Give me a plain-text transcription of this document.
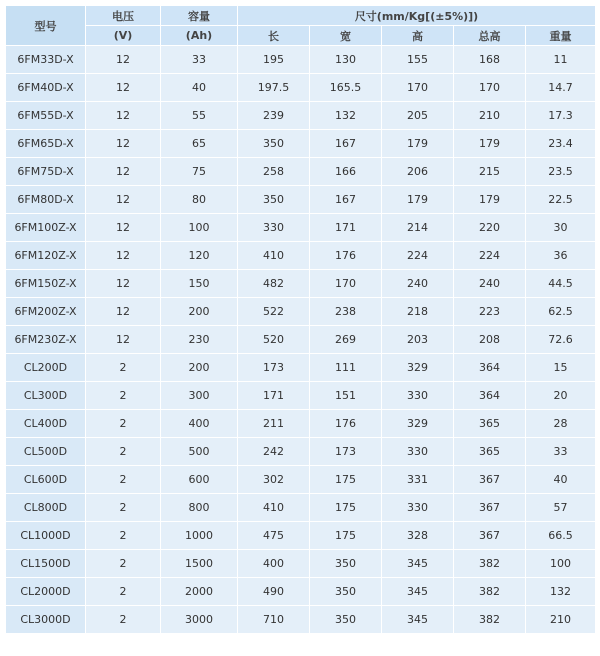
型号	电压	容量	尺寸(mm/Kg[(±5%)])				
	(V)	(Ah)	长	宽	高	总高	重量
6FM33D-X	12	33	195	130	155	168	11
6FM40D-X	12	40	197.5	165.5	170	170	14.7
6FM55D-X	12	55	239	132	205	210	17.3
6FM65D-X	12	65	350	167	179	179	23.4
6FM75D-X	12	75	258	166	206	215	23.5
6FM80D-X	12	80	350	167	179	179	22.5
6FM100Z-X	12	100	330	171	214	220	30
6FM120Z-X	12	120	410	176	224	224	36
6FM150Z-X	12	150	482	170	240	240	44.5
6FM200Z-X	12	200	522	238	218	223	62.5
6FM230Z-X	12	230	520	269	203	208	72.6
CL200D	2	200	173	111	329	364	15
CL300D	2	300	171	151	330	364	20
CL400D	2	400	211	176	329	365	28
CL500D	2	500	242	173	330	365	33
CL600D	2	600	302	175	331	367	40
CL800D	2	800	410	175	330	367	57
CL1000D	2	1000	475	175	328	367	66.5
CL1500D	2	1500	400	350	345	382	100
CL2000D	2	2000	490	350	345	382	132
CL3000D	2	3000	710	350	345	382	210
